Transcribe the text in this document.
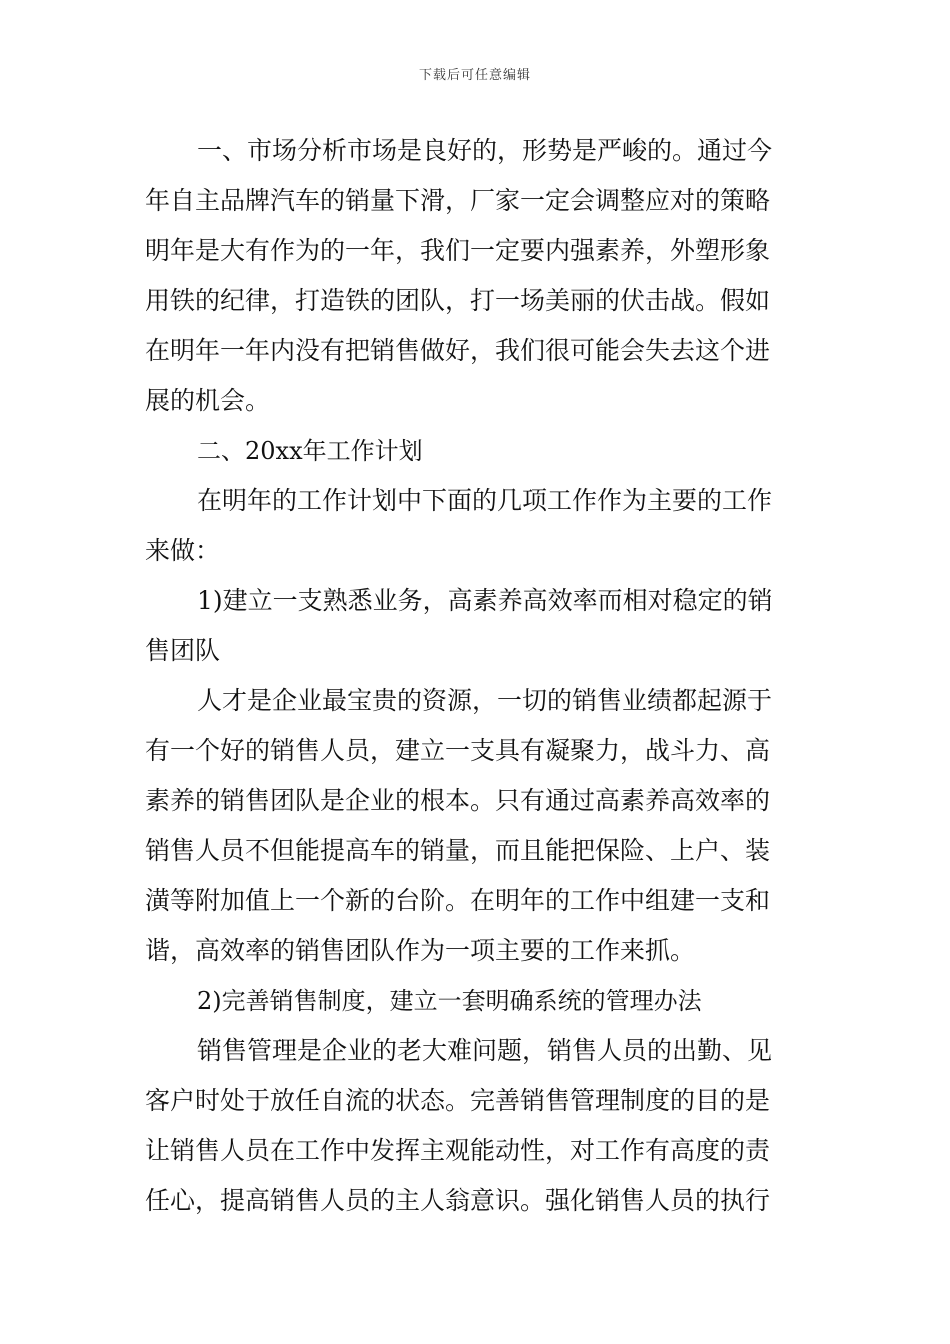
下载后可任意编辑
一、市场分析市场是良好的，形势是严峻的。通过今
年自主品牌汽车的销量下滑，厂家一定会调整应对的策略
明年是大有作为的一年，我们一定要内强素养，外塑形象
用铁的纪律，打造铁的团队，打一场美丽的伏击战。假如
在明年一年内没有把销售做好，我们很可能会失去这个进
展的机会。
二、20xx年工作计划
在明年的工作计划中下面的几项工作作为主要的工作
来做：
1)建立一支熟悉业务，高素养高效率而相对稳定的销
售团队
人才是企业最宝贵的资源，一切的销售业绩都起源于
有一个好的销售人员，建立一支具有凝聚力，战斗力、高
素养的销售团队是企业的根本。只有通过高素养高效率的
销售人员不但能提高车的销量，而且能把保险、上户、装
潢等附加值上一个新的台阶。在明年的工作中组建一支和
谐，高效率的销售团队作为一项主要的工作来抓。
2)完善销售制度，建立一套明确系统的管理办法
销售管理是企业的老大难问题，销售人员的出勤、见
客户时处于放任自流的状态。完善销售管理制度的目的是
让销售人员在工作中发挥主观能动性，对工作有高度的责
任心，提高销售人员的主人翁意识。强化销售人员的执行
